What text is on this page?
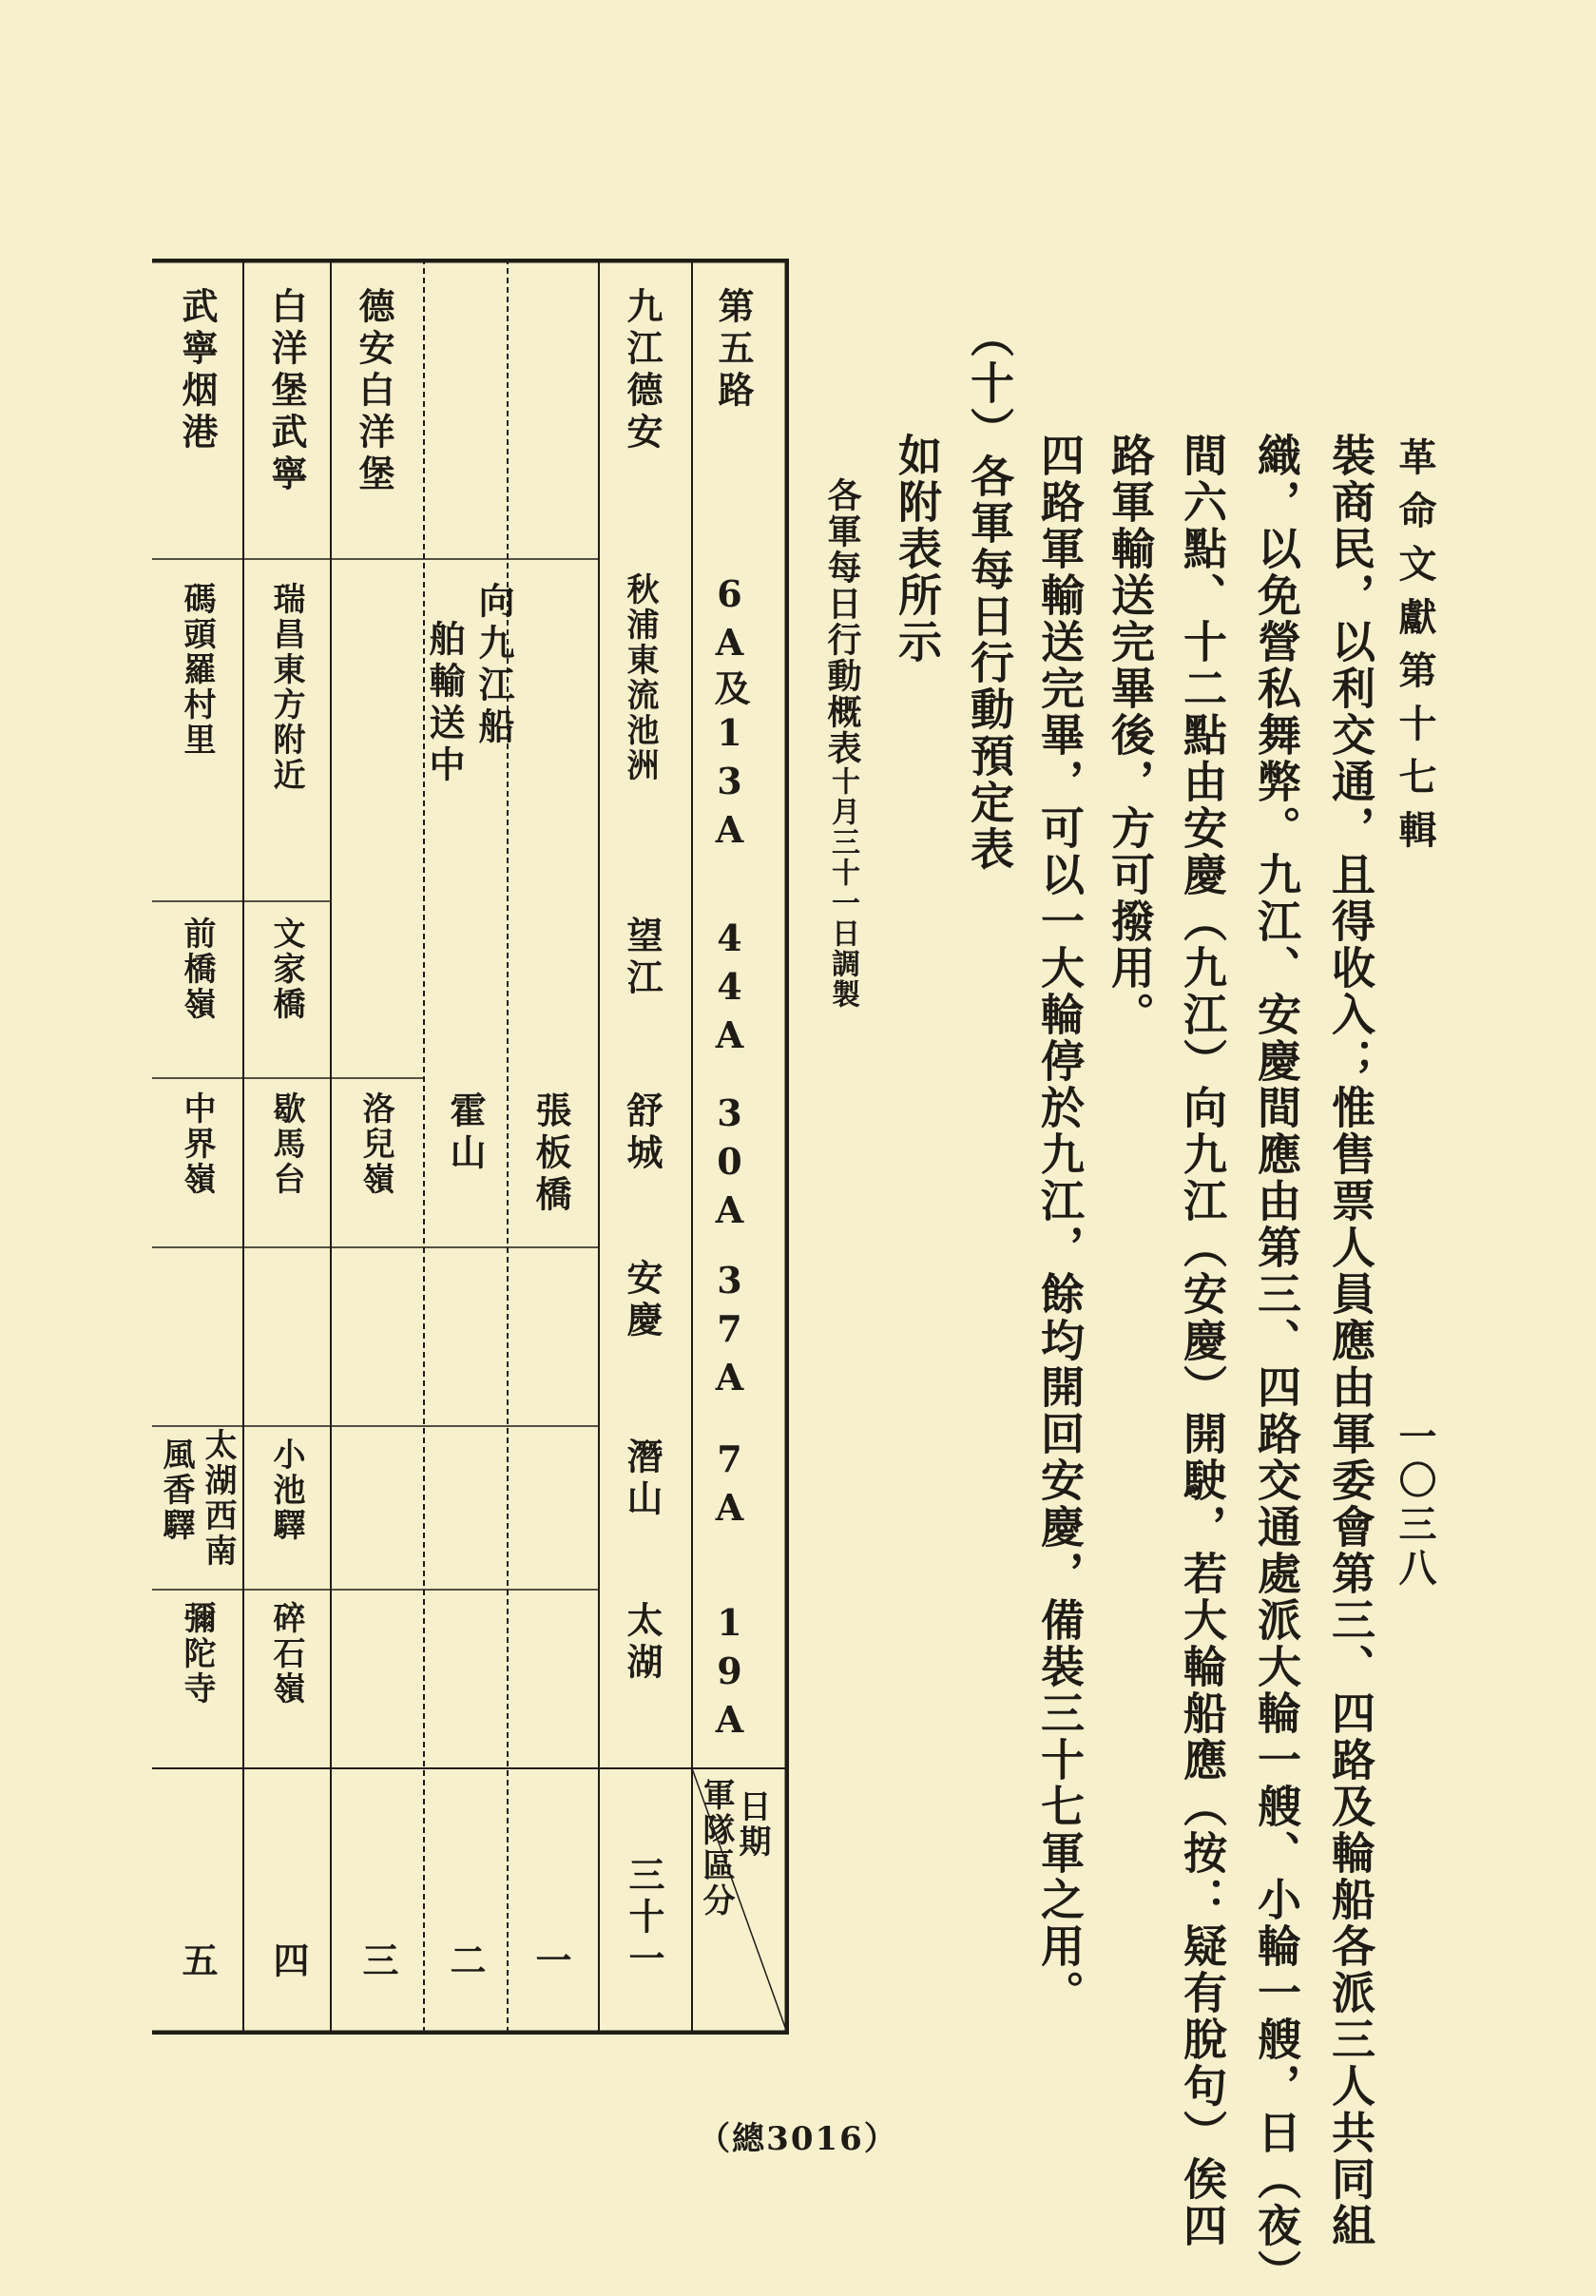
革命文獻第十七輯
一〇三八
裝商民，以利交通，且得收入；惟售票人員應由軍委會第三、四路及輪船各派三人共同組
織，以免營私舞弊。九江、安慶間應由第三、四路交通處派大輪一艘、小輪一艘，日（夜）
間六點、十二點由安慶（九江）向九江（安慶）開駛，若大輪船應（按：疑有脫句）俟四
路軍輸送完畢後，方可撥用。
（十）各軍每日行動預定表 四路軍輸送完畢，可以一大輪停於九江，餘均開回安慶，備裝三十七軍之用。
如附表所示
各軍每日行動概表十月三十一日調製
日期
軍隊區分
三十一
一
二
三
四
五
第五路
6A及13A
44A
30A
37A
7A
19A
九江德安
秋浦東流池洲
望江
舒城
安慶
潛山
太湖
張板橋
向九江船
舶輸送中
霍山
德安白洋堡
洛兒嶺
白洋堡武寧
瑞昌東方附近
文家橋
歇馬台
小池驛
碎石嶺
武寧烟港
碼頭羅村里
前橋嶺
中界嶺
太湖西南
風香驛
彌陀寺
（總3016）
